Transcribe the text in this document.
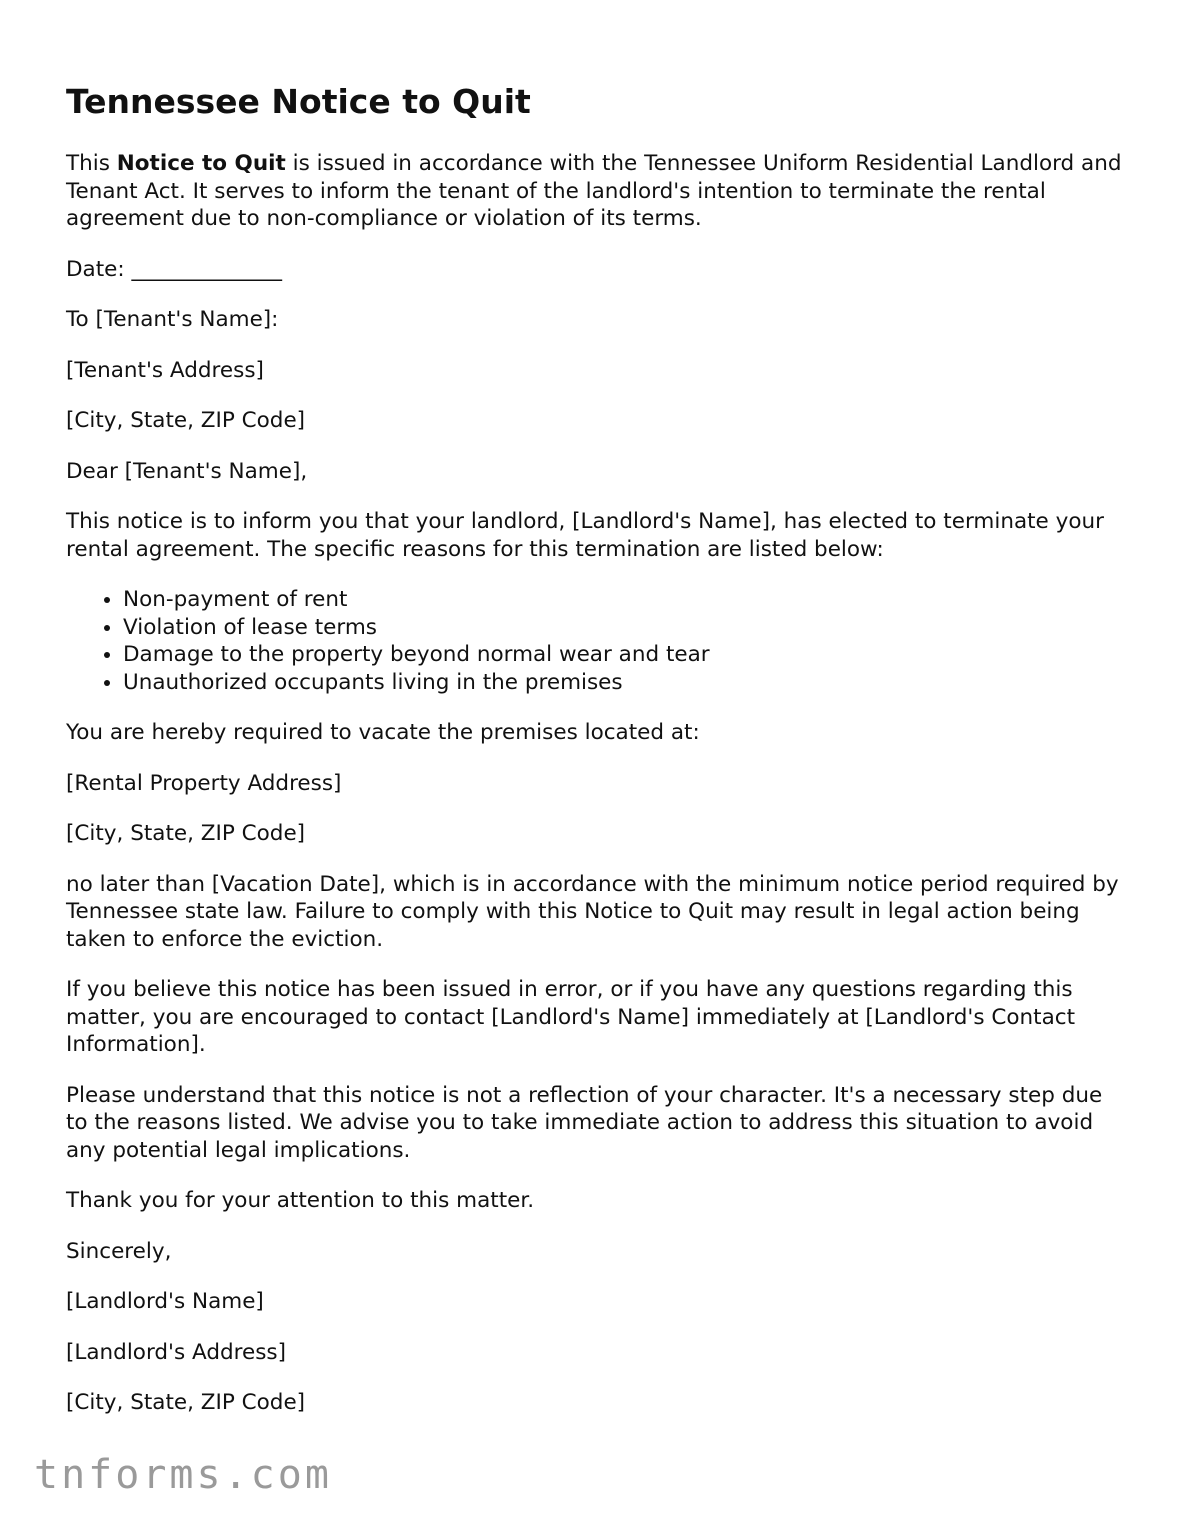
Tennessee Notice to Quit

This Notice to Quit is issued in accordance with the Tennessee Uniform Residential Landlord and Tenant Act. It serves to inform the tenant of the landlord's intention to terminate the rental agreement due to non-compliance or violation of its terms.

Date: ______________

To [Tenant's Name]:

[Tenant's Address]

[City, State, ZIP Code]

Dear [Tenant's Name],

This notice is to inform you that your landlord, [Landlord's Name], has elected to terminate your rental agreement. The specific reasons for this termination are listed below:

• Non-payment of rent
• Violation of lease terms
• Damage to the property beyond normal wear and tear
• Unauthorized occupants living in the premises

You are hereby required to vacate the premises located at:

[Rental Property Address]

[City, State, ZIP Code]

no later than [Vacation Date], which is in accordance with the minimum notice period required by Tennessee state law. Failure to comply with this Notice to Quit may result in legal action being taken to enforce the eviction.

If you believe this notice has been issued in error, or if you have any questions regarding this matter, you are encouraged to contact [Landlord's Name] immediately at [Landlord's Contact Information].

Please understand that this notice is not a reflection of your character. It's a necessary step due to the reasons listed. We advise you to take immediate action to address this situation to avoid any potential legal implications.

Thank you for your attention to this matter.

Sincerely,

[Landlord's Name]

[Landlord's Address]

[City, State, ZIP Code]

tnforms.com
